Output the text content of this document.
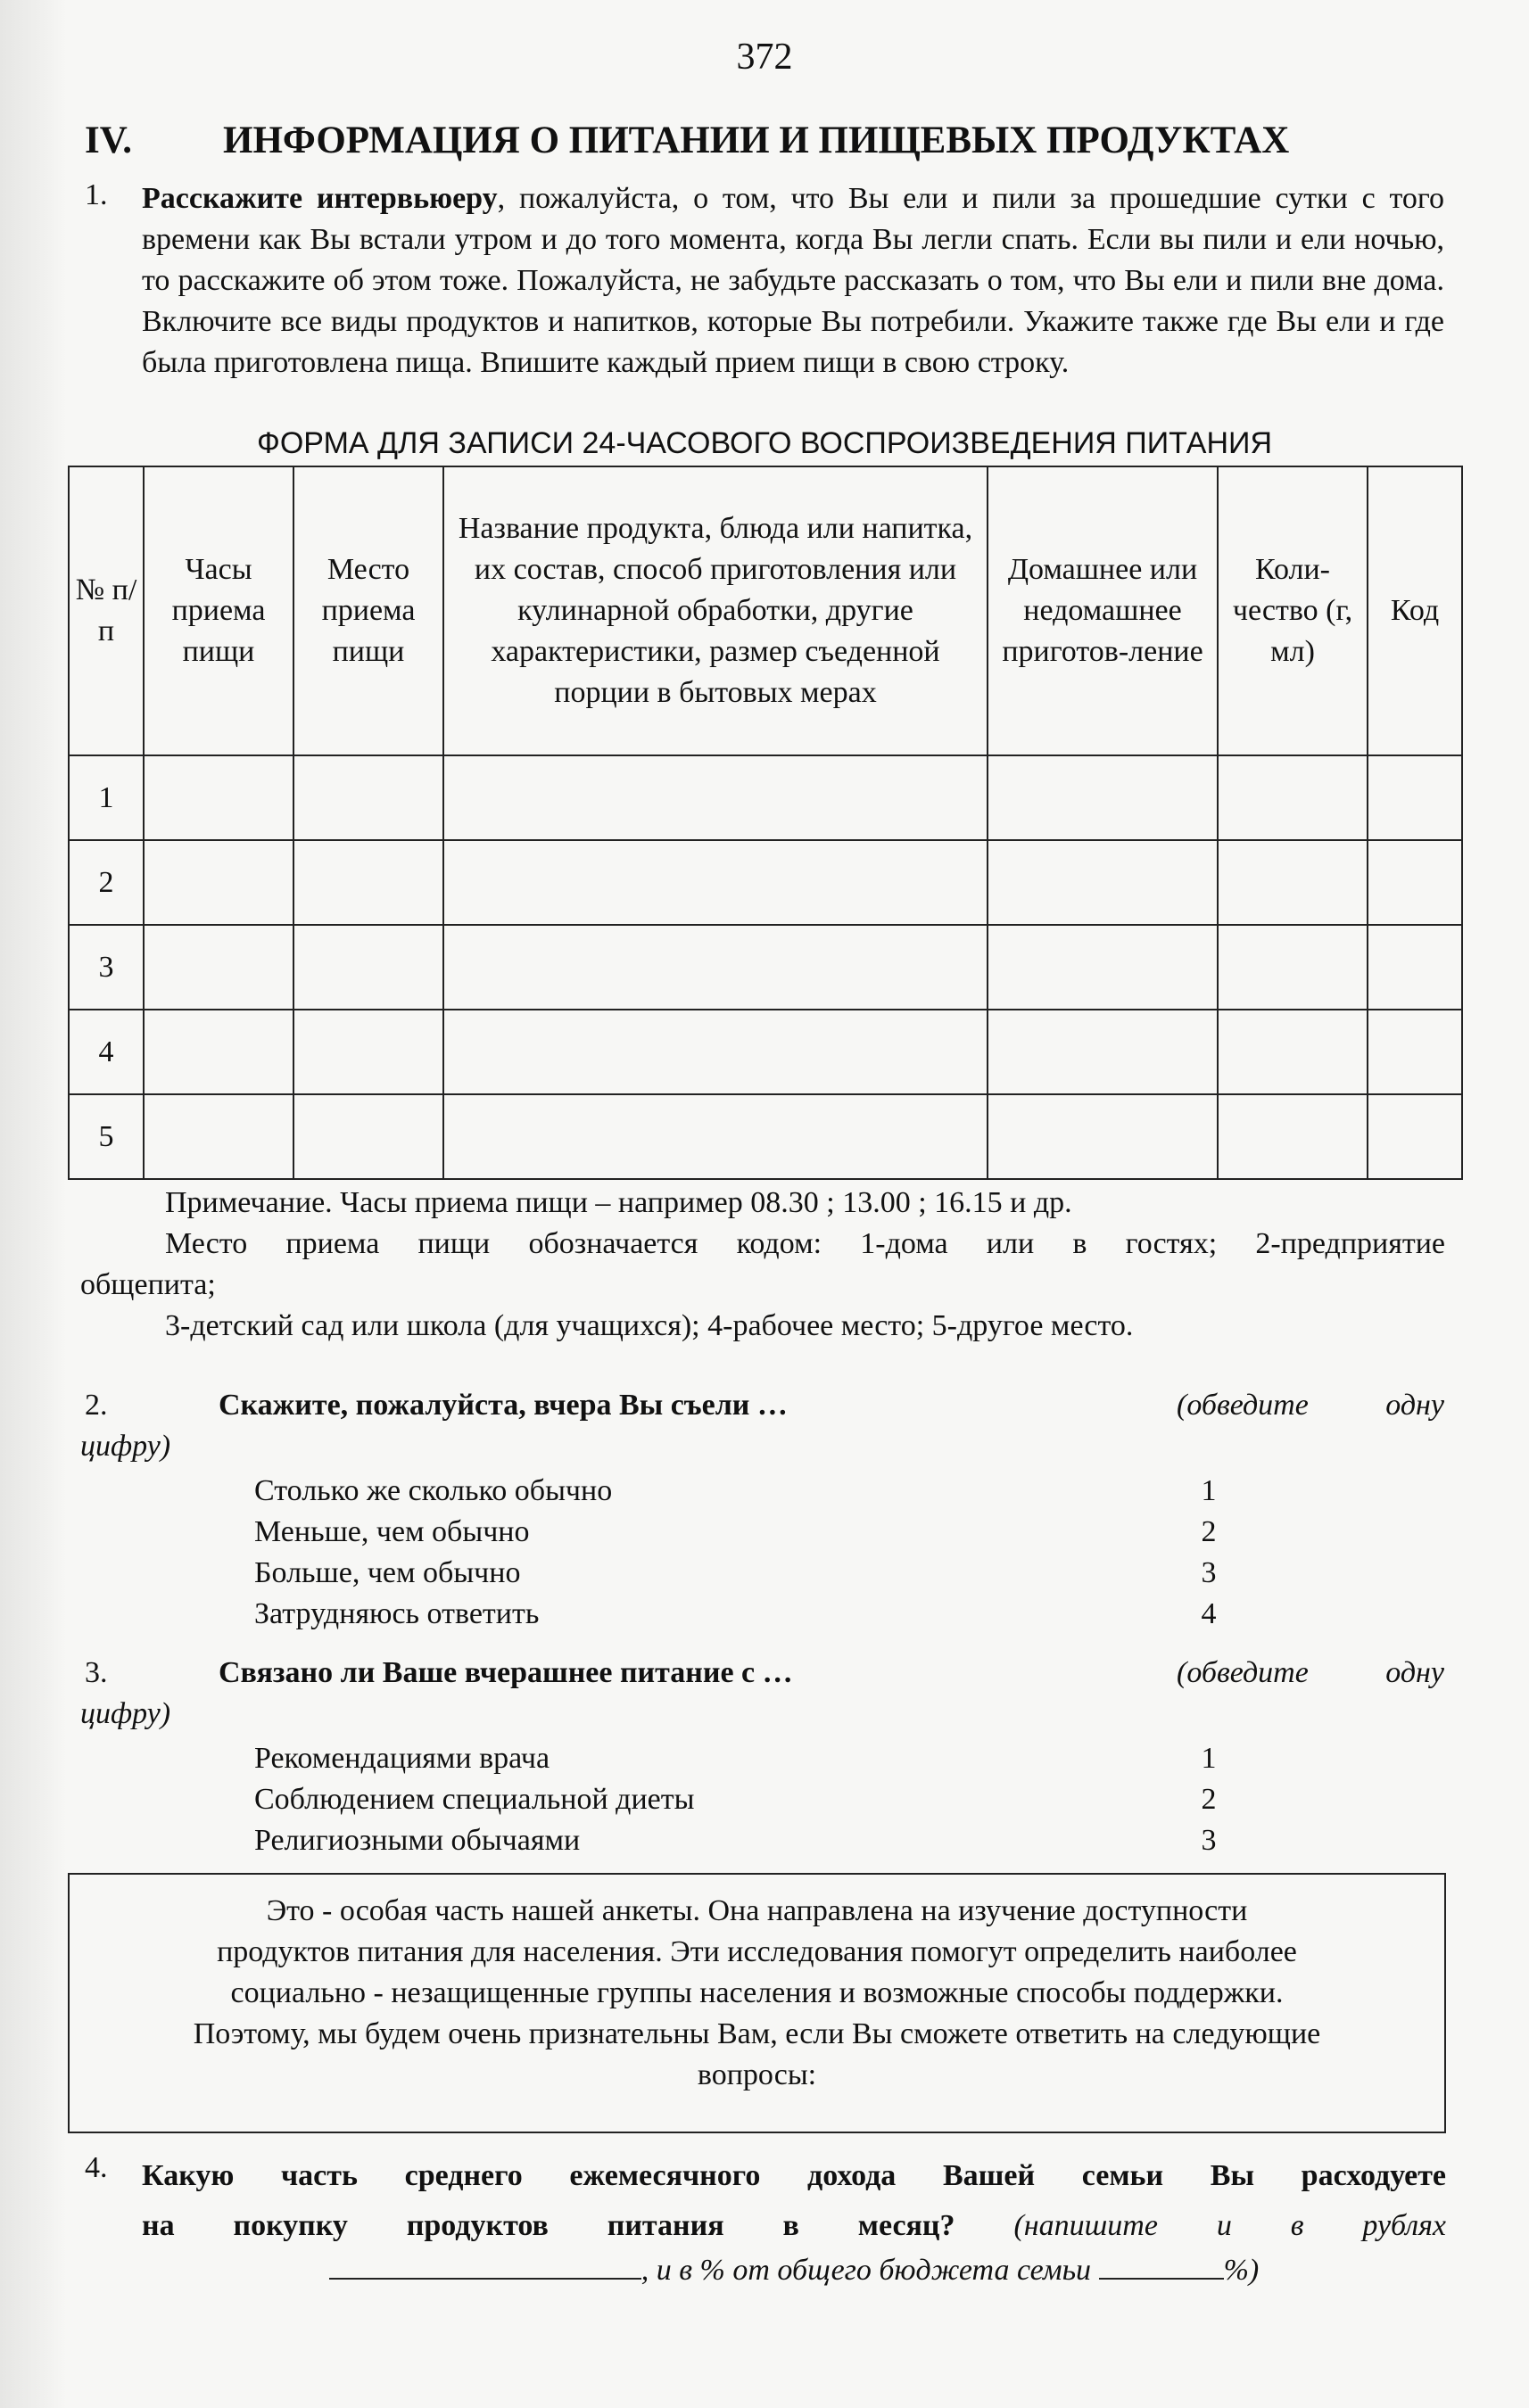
372
IV. ИНФОРМАЦИЯ О ПИТАНИИ И ПИЩЕВЫХ ПРОДУКТАХ
1. Расскажите интервьюеру, пожалуйста, о том, что Вы ели и пили за прошедшие сутки с того времени как Вы встали утром и до того момента, когда Вы легли спать. Если вы пили и ели ночью, то расскажите об этом тоже. Пожалуйста, не забудьте рассказать о том, что Вы ели и пили вне дома. Включите все виды продуктов и напитков, которые Вы потребили. Укажите также где Вы ели и где была приготовлена пища. Впишите каждый прием пищи в свою строку.
ФОРМА ДЛЯ ЗАПИСИ 24-ЧАСОВОГО ВОСПРОИЗВЕДЕНИЯ ПИТАНИЯ
№ п/п	Часы приема пищи	Место приема пищи	Название продукта, блюда или напитка, их состав, способ приготовления или кулинарной обработки, другие характеристики, размер съеденной порции в бытовых мерах	Домашнее или недомашнее приготов-ление	Коли-чество (г, мл)	Код
1						
2						
3						
4						
5						

Примечание. Часы приема пищи – например 08.30 ; 13.00 ; 16.15 и др.

Место приема пищи обозначается кодом: 1-дома или в гостях; 2-предприятие

общепита;

3-детский сад или школа (для учащихся); 4-рабочее место; 5-другое место.

2.	Скажите, пожалуйста, вчера Вы съели …	(обведите одну
цифру)
Столько же сколько обычно	1
Меньше, чем обычно	2
Больше, чем обычно	3
Затрудняюсь ответить	4
3.	Связано ли Ваше вчерашнее питание с …	(обведите одну
цифру)
Рекомендациями врача	1
Соблюдением специальной диеты	2
Религиозными обычаями	3

Это - особая часть нашей анкеты. Она направлена на изучение доступности

продуктов питания для населения. Эти исследования помогут определить наиболее

социально - незащищенные группы населения и возможные способы поддержки.

Поэтому, мы будем очень признательны Вам, если Вы сможете ответить на следующие

вопросы:

4. Какую часть среднего ежемесячного дохода Вашей семьи Вы расходуете
на покупку продуктов питания в месяц? (напишите и в рублях
, и в % от общего бюджета семьи	%)
